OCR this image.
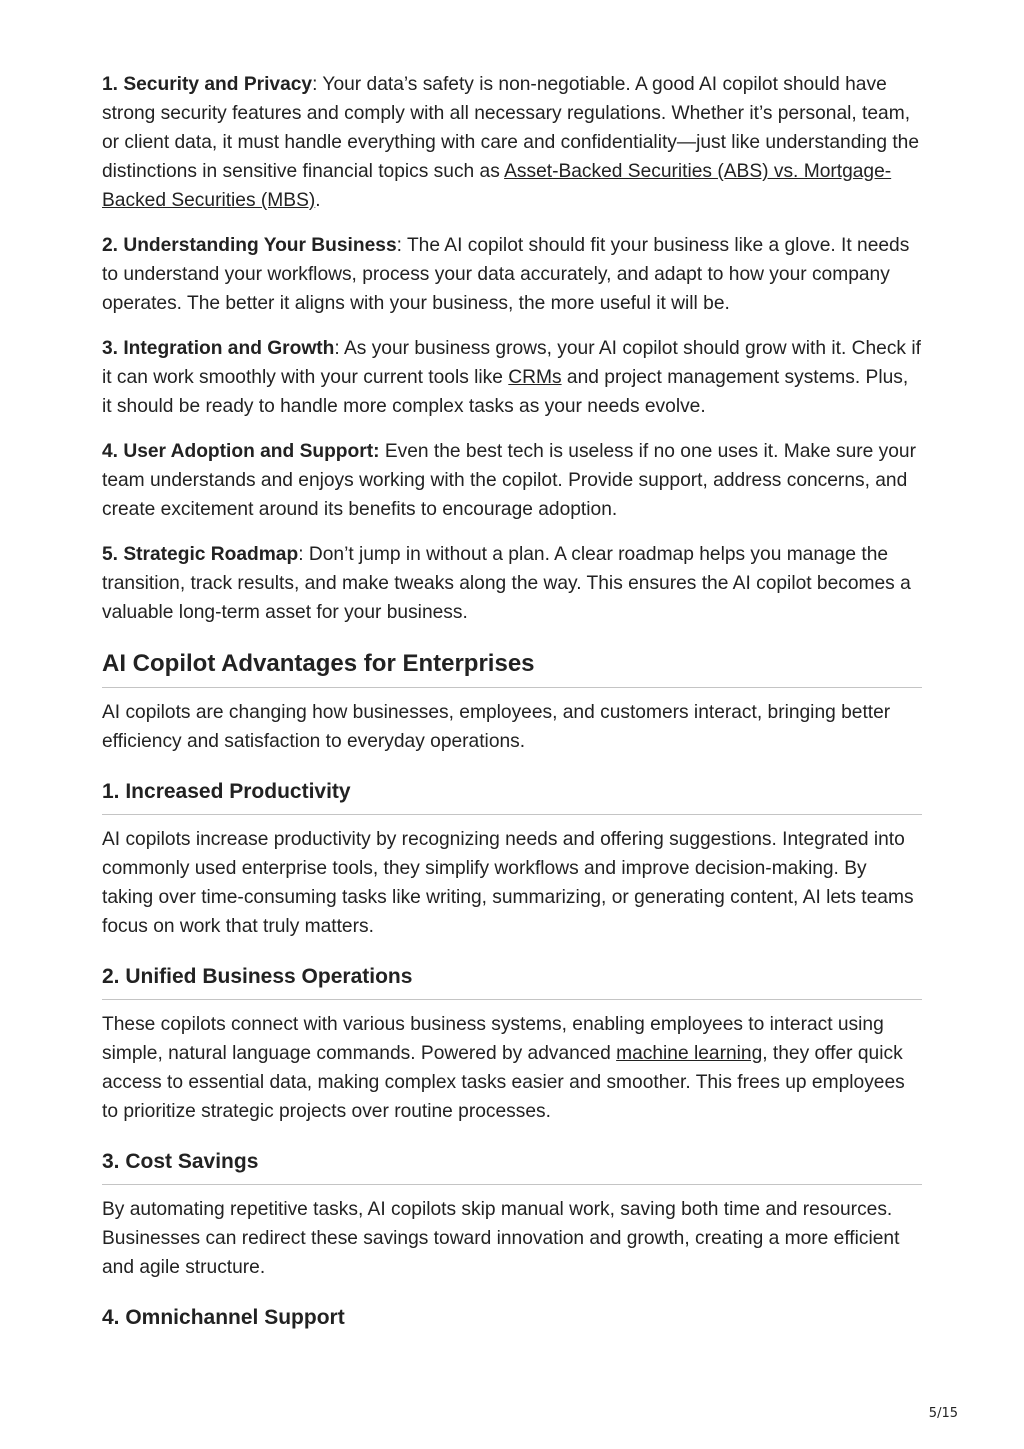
1. Security and Privacy: Your data’s safety is non-negotiable. A good AI copilot should have strong security features and comply with all necessary regulations. Whether it’s personal, team, or client data, it must handle everything with care and confidentiality—just like understanding the distinctions in sensitive financial topics such as Asset-Backed Securities (ABS) vs. Mortgage-Backed Securities (MBS).

2. Understanding Your Business: The AI copilot should fit your business like a glove. It needs to understand your workflows, process your data accurately, and adapt to how your company operates. The better it aligns with your business, the more useful it will be.

3. Integration and Growth: As your business grows, your AI copilot should grow with it. Check if it can work smoothly with your current tools like CRMs and project management systems. Plus, it should be ready to handle more complex tasks as your needs evolve.

4. User Adoption and Support: Even the best tech is useless if no one uses it. Make sure your team understands and enjoys working with the copilot. Provide support, address concerns, and create excitement around its benefits to encourage adoption.

5. Strategic Roadmap: Don’t jump in without a plan. A clear roadmap helps you manage the transition, track results, and make tweaks along the way. This ensures the AI copilot becomes a valuable long-term asset for your business.

AI Copilot Advantages for Enterprises

AI copilots are changing how businesses, employees, and customers interact, bringing better efficiency and satisfaction to everyday operations.

1. Increased Productivity

AI copilots increase productivity by recognizing needs and offering suggestions. Integrated into commonly used enterprise tools, they simplify workflows and improve decision-making. By taking over time-consuming tasks like writing, summarizing, or generating content, AI lets teams focus on work that truly matters.

2. Unified Business Operations

These copilots connect with various business systems, enabling employees to interact using simple, natural language commands. Powered by advanced machine learning, they offer quick access to essential data, making complex tasks easier and smoother. This frees up employees to prioritize strategic projects over routine processes.

3. Cost Savings

By automating repetitive tasks, AI copilots skip manual work, saving both time and resources. Businesses can redirect these savings toward innovation and growth, creating a more efficient and agile structure.

4. Omnichannel Support
5/15
